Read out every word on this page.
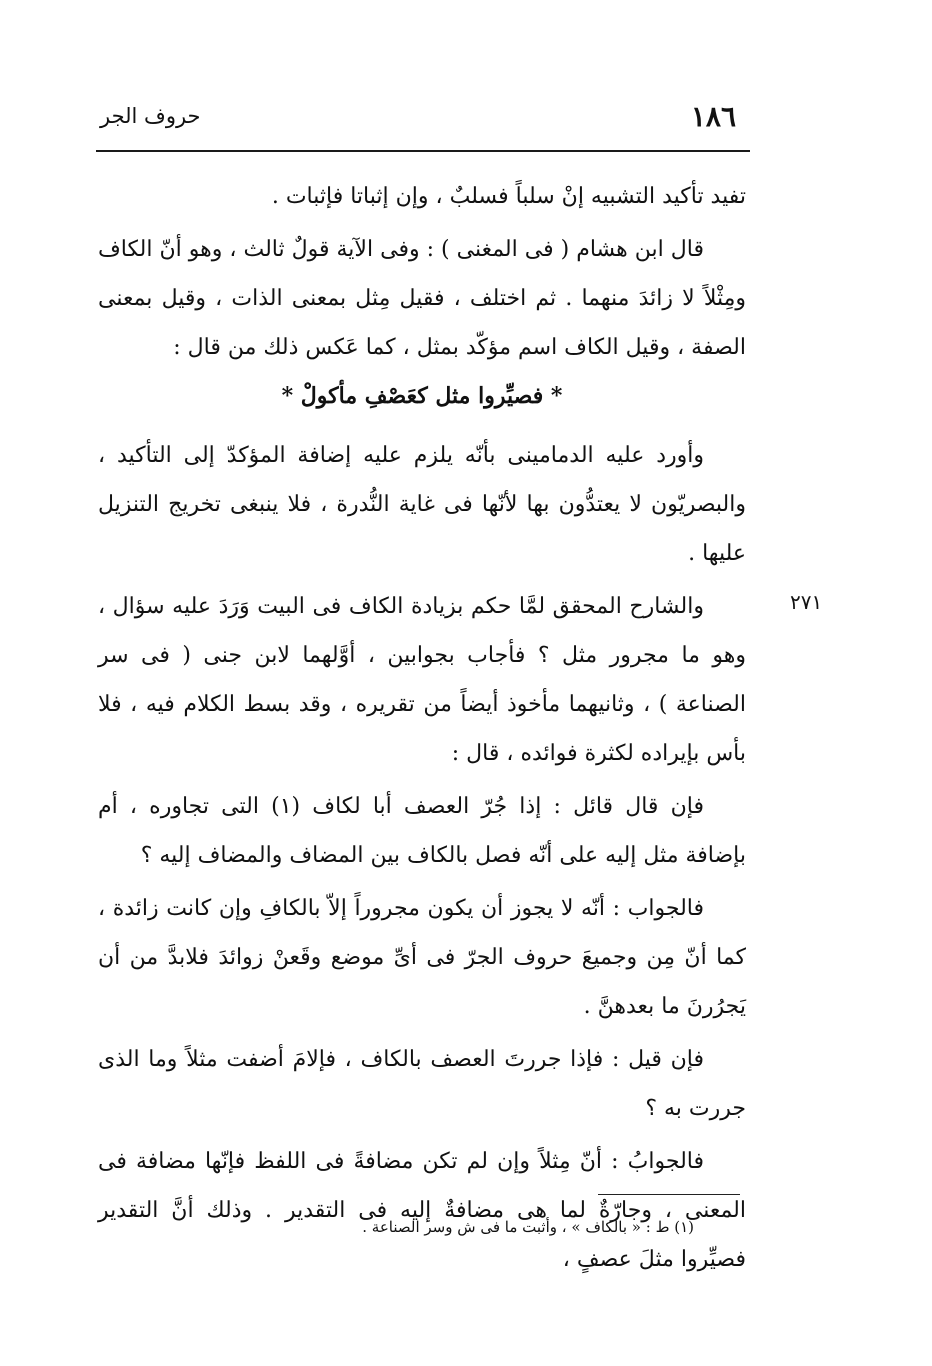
حروف الجر	١٨٦
٢٧١

تفيد تأكيد التشبيه إنْ سلباً فسلبٌ ، وإن إثباتا فإثبات .

قال ابن هشام ( فى المغنى ) : وفى الآية قولٌ ثالث ، وهو أنّ الكاف ومِثْلاً لا زائدَ منهما . ثم اختلف ، فقيل مِثل بمعنى الذات ، وقيل بمعنى الصفة ، وقيل الكاف اسم مؤكّد بمثل ، كما عَكس ذلك من قال :

* فصيِّروا مثل كعَصْفِ مأكولْ *

وأورد عليه الدمامينى بأنّه يلزم عليه إضافة المؤكدّ إلى التأكيد ، والبصريّون لا يعتدُّون بها لأنّها فى غاية النُّدرة ، فلا ينبغى تخريج التنزيل عليها .

والشارح المحقق لمَّا حكم بزيادة الكاف فى البيت وَرَدَ عليه سؤال ، وهو ما مجرور مثل ؟ فأجاب بجوابين ، أوَّلهما لابن جنى ( فى سر الصناعة ) ، وثانيهما مأخوذ أيضاً من تقريره ، وقد بسط الكلام فيه ، فلا بأس بإيراده لكثرة فوائده ، قال :

فإن قال قائل : إذا جُرّ العصف أبا لكاف (١) التى تجاوره ، أم بإضافة مثل إليه على أنّه فصل بالكاف بين المضاف والمضاف إليه ؟

فالجواب : أنّه لا يجوز أن يكون مجروراً إلاّ بالكافِ وإن كانت زائدة ، كما أنّ مِن وجميعَ حروف الجرّ فى أىِّ موضع وقَعنْ زوائدَ فلابدَّ من أن يَجرُرنَ ما بعدهنَّ .

فإن قيل : فإذا جررتَ العصف بالكاف ، فإلامَ أضفت مثلاً وما الذى جررت به ؟

فالجوابُ : أنّ مِثلاً وإن لم تكن مضافةً فى اللفظ فإنّها مضافة فى المعنى ، وجارّةٌ لما هى مضافةٌ إليه فى التقدير . وذلك أنَّ التقدير فصيِّروا مثلَ عصفٍ ،

(١) ط : « بالكاف » ، وأثبت ما فى ش وسر الصناعة .
